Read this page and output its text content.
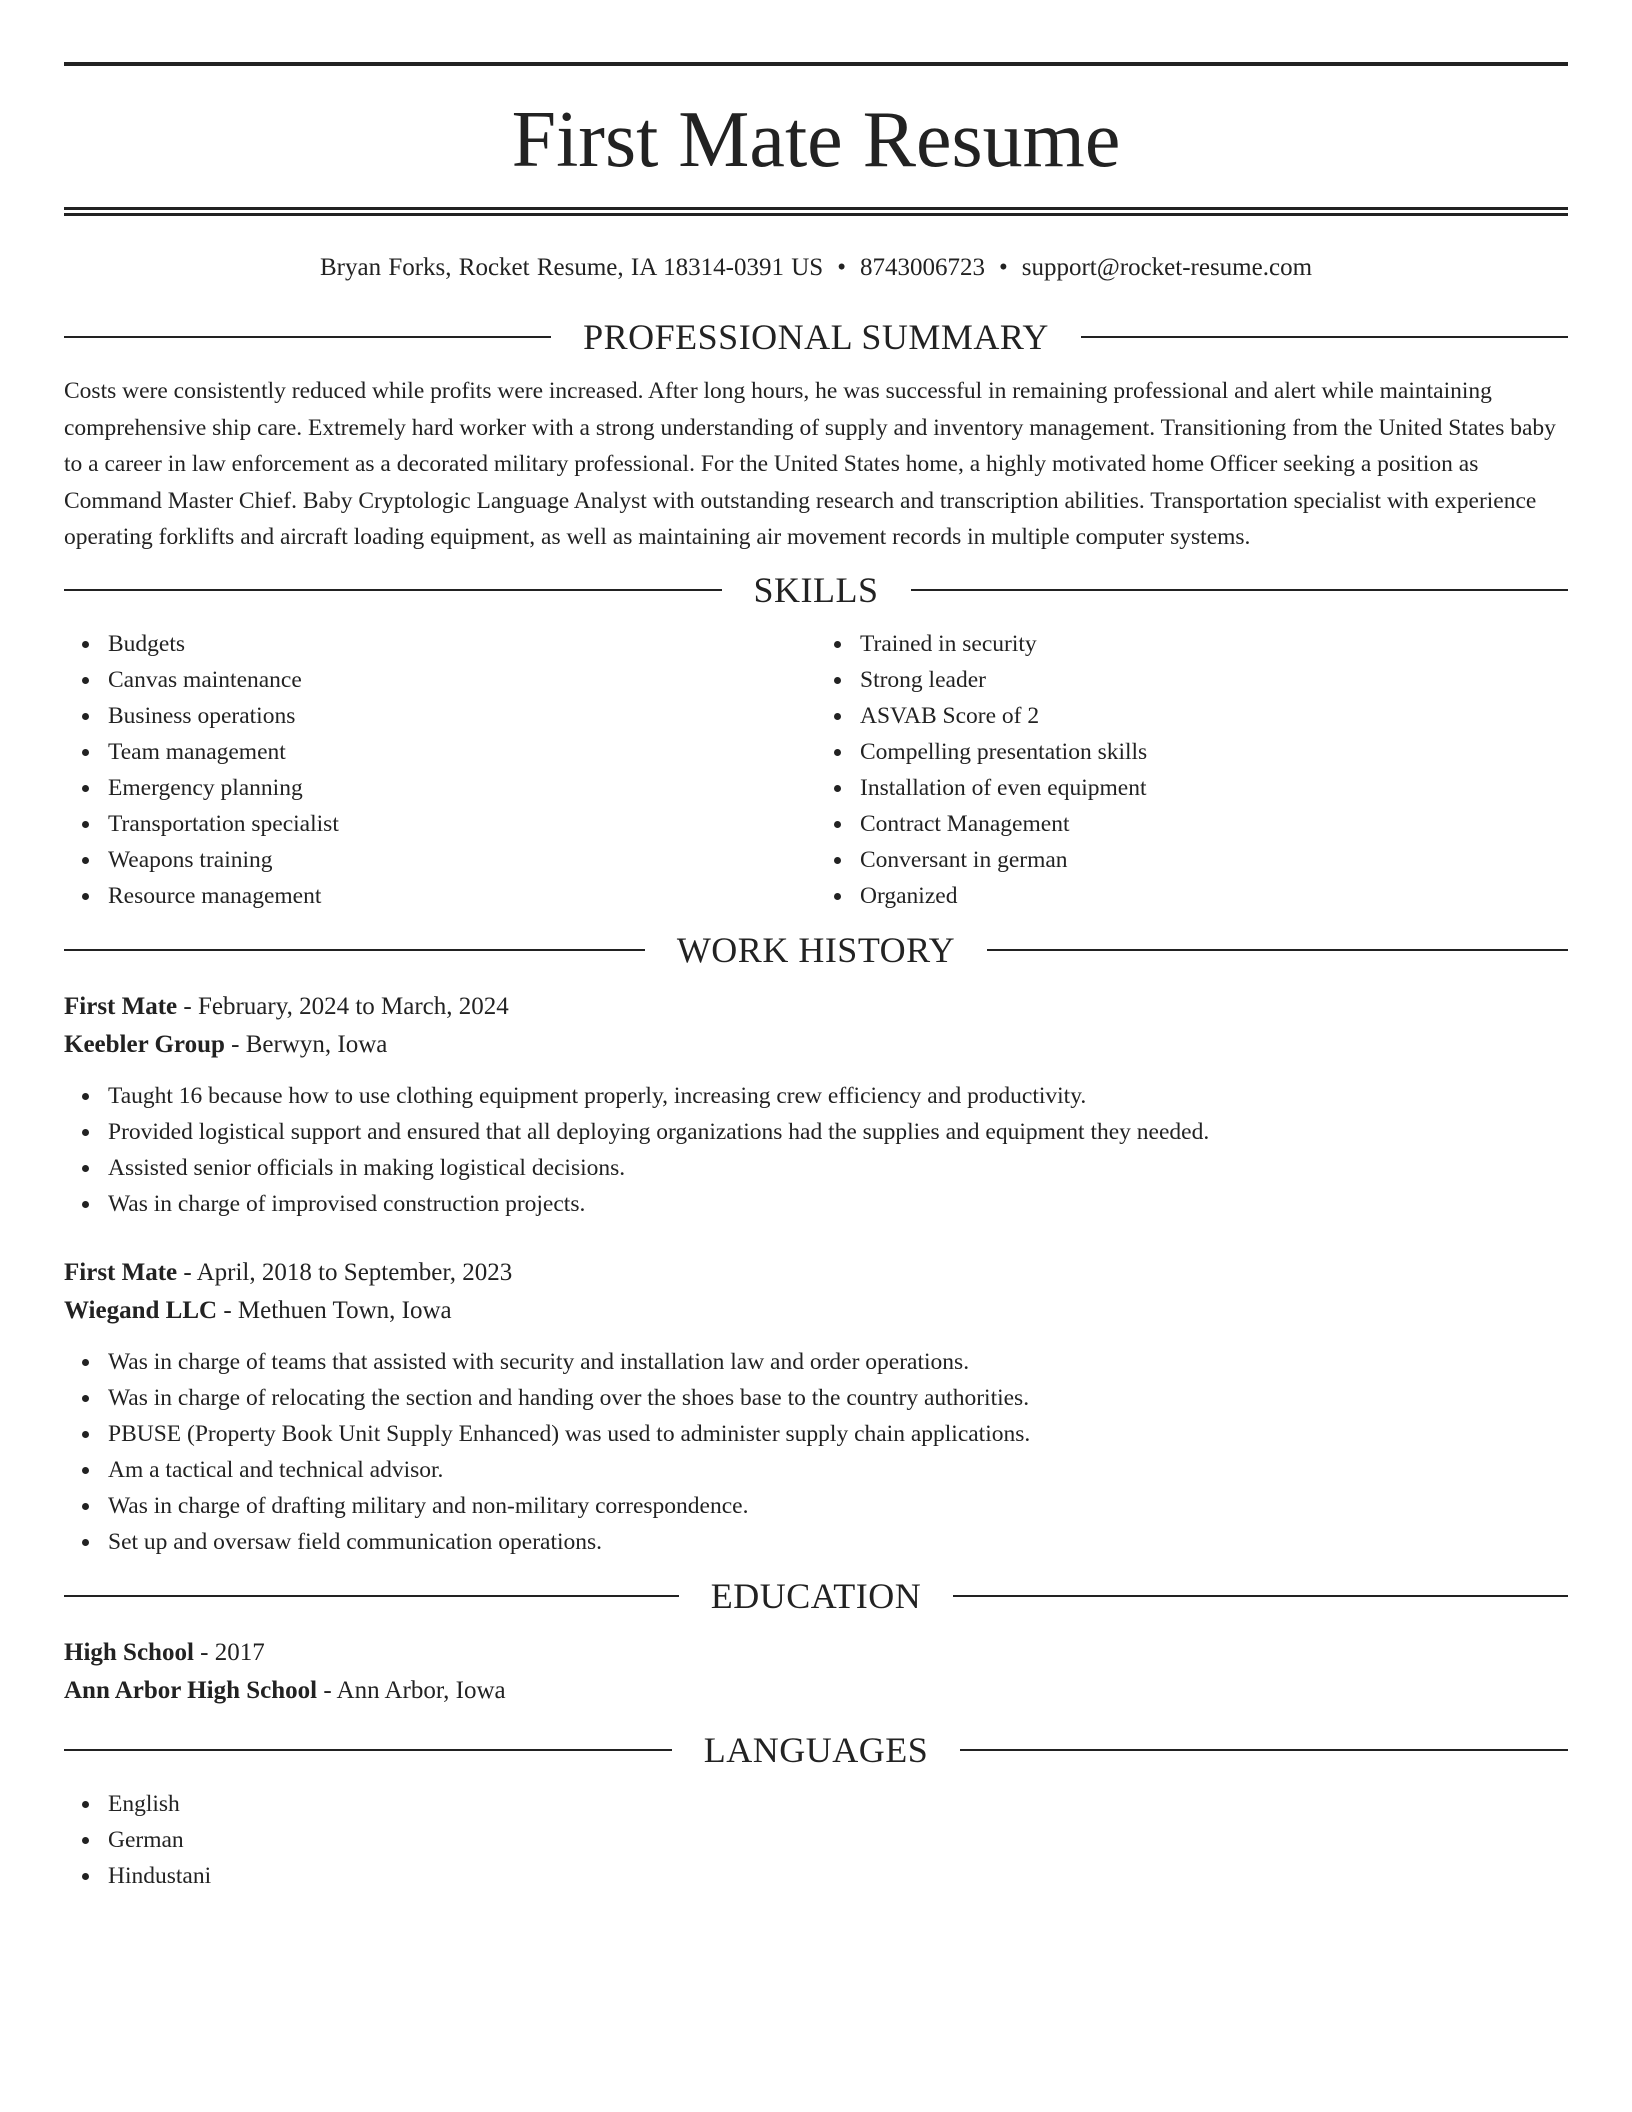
First Mate Resume
Bryan Forks, Rocket Resume, IA 18314-0391 US • 8743006723 • support@rocket-resume.com
PROFESSIONAL SUMMARY

Costs were consistently reduced while profits were increased. After long hours, he was successful in remaining professional and alert while maintaining comprehensive ship care. Extremely hard worker with a strong understanding of supply and inventory management. Transitioning from the United States baby to a career in law enforcement as a decorated military professional. For the United States home, a highly motivated home Officer seeking a position as Command Master Chief. Baby Cryptologic Language Analyst with outstanding research and transcription abilities. Transportation specialist with experience operating forklifts and aircraft loading equipment, as well as maintaining air movement records in multiple computer systems.

SKILLS
Budgets
Canvas maintenance
Business operations
Team management
Emergency planning
Transportation specialist
Weapons training
Resource management
Trained in security
Strong leader
ASVAB Score of 2
Compelling presentation skills
Installation of even equipment
Contract Management
Conversant in german
Organized
WORK HISTORY
First Mate - February, 2024 to March, 2024
Keebler Group - Berwyn, Iowa
Taught 16 because how to use clothing equipment properly, increasing crew efficiency and productivity.
Provided logistical support and ensured that all deploying organizations had the supplies and equipment they needed.
Assisted senior officials in making logistical decisions.
Was in charge of improvised construction projects.
First Mate - April, 2018 to September, 2023
Wiegand LLC - Methuen Town, Iowa
Was in charge of teams that assisted with security and installation law and order operations.
Was in charge of relocating the section and handing over the shoes base to the country authorities.
PBUSE (Property Book Unit Supply Enhanced) was used to administer supply chain applications.
Am a tactical and technical advisor.
Was in charge of drafting military and non-military correspondence.
Set up and oversaw field communication operations.
EDUCATION
High School - 2017
Ann Arbor High School - Ann Arbor, Iowa
LANGUAGES
English
German
Hindustani
